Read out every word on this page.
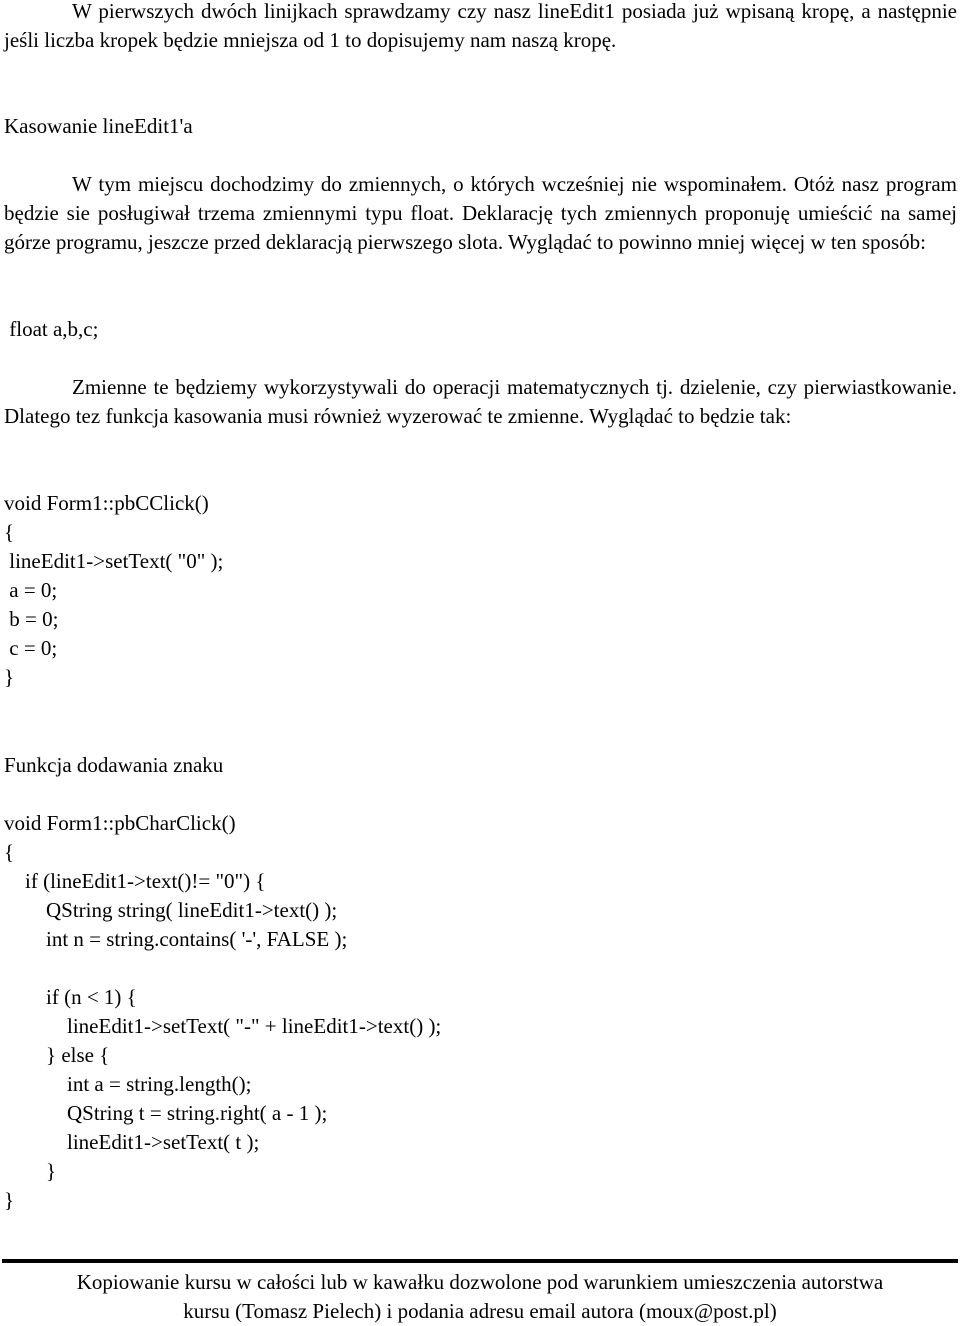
W pierwszych dwóch linijkach sprawdzamy czy nasz lineEdit1 posiada już wpisaną kropę, a następnie jeśli liczba kropek będzie mniejsza od 1 to dopisujemy nam naszą kropę.

Kasowanie lineEdit1'a

W tym miejscu dochodzimy do zmiennych, o których wcześniej nie wspominałem. Otóż nasz program będzie sie posługiwał trzema zmiennymi typu float. Deklarację tych zmiennych proponuję umieścić na samej górze programu, jeszcze przed deklaracją pierwszego slota. Wyglądać to powinno mniej więcej w ten sposób:

float a,b,c;

Zmienne te będziemy wykorzystywali do operacji matematycznych tj. dzielenie, czy pierwiastkowanie. Dlatego tez funkcja kasowania musi również wyzerować te zmienne. Wyglądać to będzie tak:

void Form1::pbCClick()
{
lineEdit1->setText( "0" );
a = 0;
b = 0;
c = 0;
}
Funkcja dodawania znaku
void Form1::pbCharClick()
{
if (lineEdit1->text()!= "0") {
QString string( lineEdit1->text() );
int n = string.contains( '-', FALSE );
if (n < 1) {
lineEdit1->setText( "-" + lineEdit1->text() );
} else {
int a = string.length();
QString t = string.right( a - 1 );
lineEdit1->setText( t );
}
}
Kopiowanie kursu w całości lub w kawałku dozwolone pod warunkiem umieszczenia autorstwa
kursu (Tomasz Pielech) i podania adresu email autora (moux@post.pl)
